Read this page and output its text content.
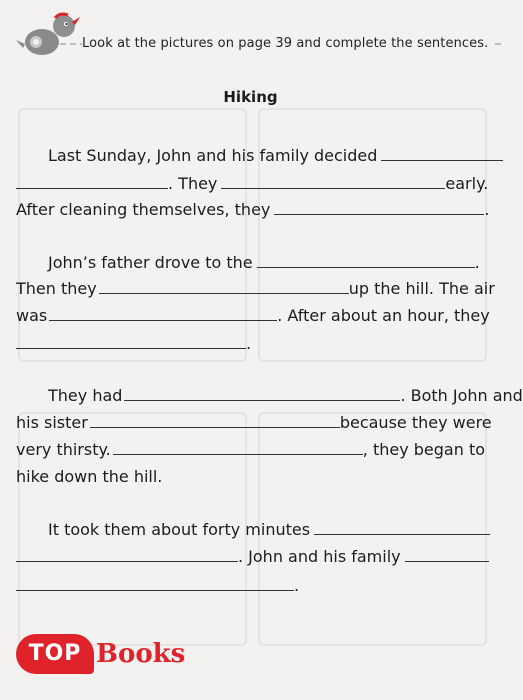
Look at the pictures on page 39 and complete the sentences.
Hiking
Last Sunday, John and his family decided
. They	early.
After cleaning themselves, they	.
John’s father drove to the	.
Then they	up the hill. The air
was	. After about an hour, they
.
They had	. Both John and
his sister	because they were
very thirsty.	, they began to
hike down the hill.
It took them about forty minutes
. John and his family
.
TOP Books
